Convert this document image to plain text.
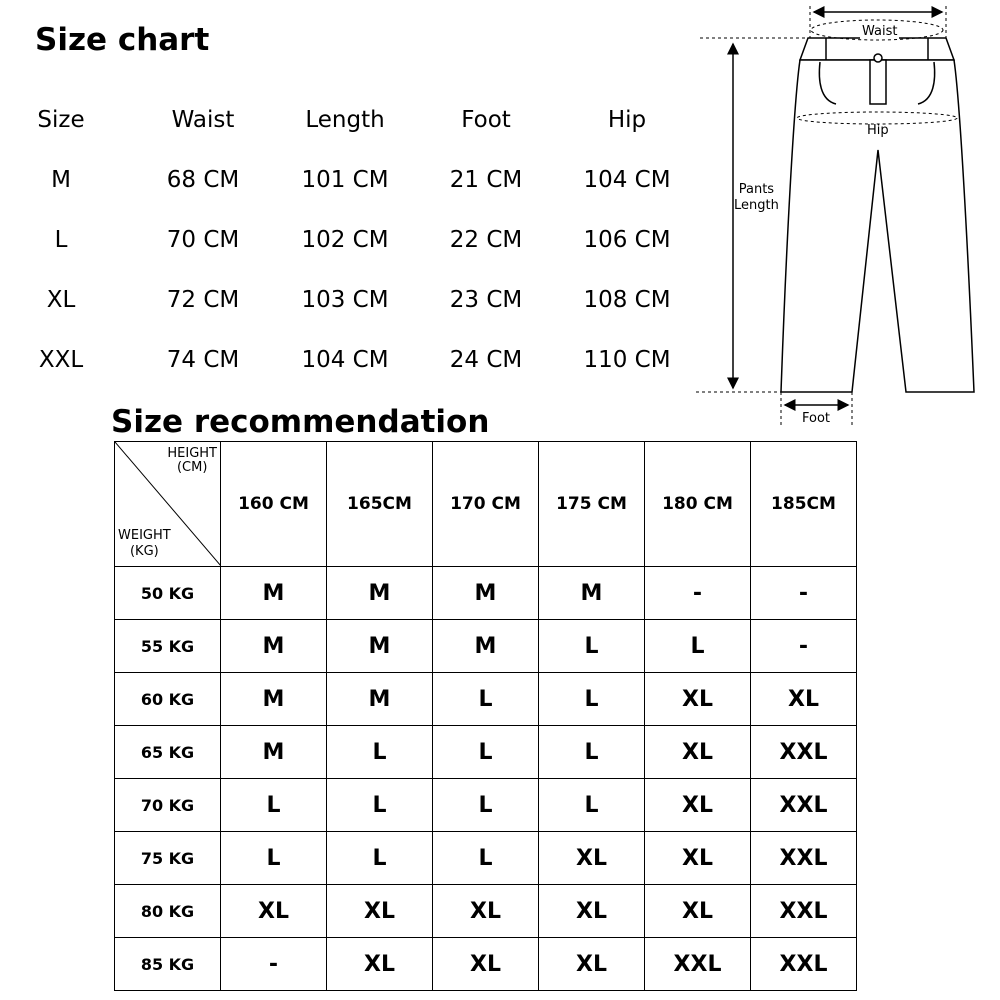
Size chart
Size	Waist	Length	Foot	Hip
M	68 CM	101 CM	21 CM	104 CM
L	70 CM	102 CM	22 CM	106 CM
XL	72 CM	103 CM	23 CM	108 CM
XXL	74 CM	104 CM	24 CM	110 CM
Waist
Hip
Pants
Length
Foot
Size recommendation
HEIGHT
(CM)
WEIGHT
(KG)	160 CM	165CM	170 CM	175 CM	180 CM	185CM
50 KG	M	M	M	M	-	-
55 KG	M	M	M	L	L	-
60 KG	M	M	L	L	XL	XL
65 KG	M	L	L	L	XL	XXL
70 KG	L	L	L	L	XL	XXL
75 KG	L	L	L	XL	XL	XXL
80 KG	XL	XL	XL	XL	XL	XXL
85 KG	-	XL	XL	XL	XXL	XXL
